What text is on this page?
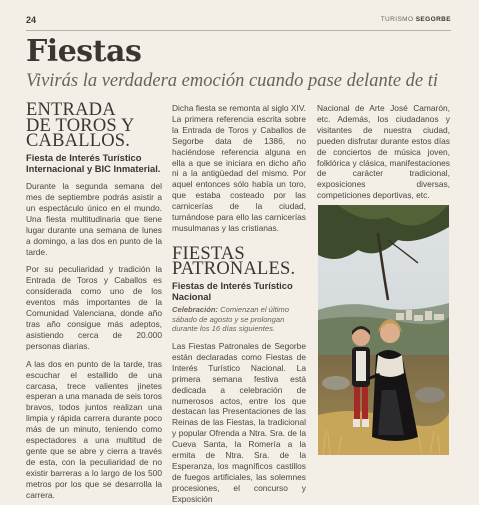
24	TURISMO SEGORBE
Fiestas
Vivirás la verdadera emoción cuando pase delante de ti
ENTRADA
DE TOROS Y
CABALLOS.
Fiesta de Interés Turístico Internacional y BIC Inmaterial.

Durante la segunda semana del mes de septiembre podrás asistir a un espectáculo único en el mundo. Una fiesta multitudinaria que tiene lugar durante una semana de lunes a domingo, a las dos en punto de la tarde.

Por su peculiaridad y tradición la Entrada de Toros y Caballos es considerada como uno de los eventos más importantes de la Comunidad Valenciana, donde año tras año consigue más adeptos, asistiendo cerca de 20.000 personas diarias.

A las dos en punto de la tarde, tras escuchar el estallido de una carcasa, trece valientes jinetes esperan a una manada de seis toros bravos, todos juntos realizan una limpia y rápida carrera durante poco más de un minuto, teniendo como espectadores a una multitud de gente que se abre y cierra a través de esta, con la peculiaridad de no existir barreras a lo largo de los 500 metros por los que se desarrolla la carrera.

Dicha fiesta se remonta al siglo XIV. La primera referencia escrita sobre la Entrada de Toros y Caballos de Segorbe data de 1386, no haciéndose referencia alguna en ella a que se iniciara en dicho año ni a la antigüedad del mismo. Por aquel entonces sólo había un toro, que estaba costeado por las carnicerías de la ciudad, turnándose para ello las carnicerías musulmanas y las cristianas.

FIESTAS
PATRONALES.
Fiestas de Interés Turístico Nacional
Celebración: Comienzan el último sábado de agosto y se prolongan durante los 16 días siguientes.

Las Fiestas Patronales de Segorbe están declaradas como Fiestas de Interés Turístico Nacional. La primera semana festiva está dedicada a celebración de numerosos actos, entre los que destacan las Presentaciones de las Reinas de las Fiestas, la tradicional y popular Ofrenda a Ntra. Sra. de la Cueva Santa, la Romería a la ermita de Ntra. Sra. de la Esperanza, los magníficos castillos de fuegos artificiales, las solemnes procesiones, el concurso y Exposición

Nacional de Arte José Camarón, etc. Además, los ciudadanos y visitantes de nuestra ciudad, pueden disfrutar durante estos días de conciertos de música joven, folklórica y clásica, manifestaciones de carácter tradicional, exposiciones diversas, competiciones deportivas, etc.
